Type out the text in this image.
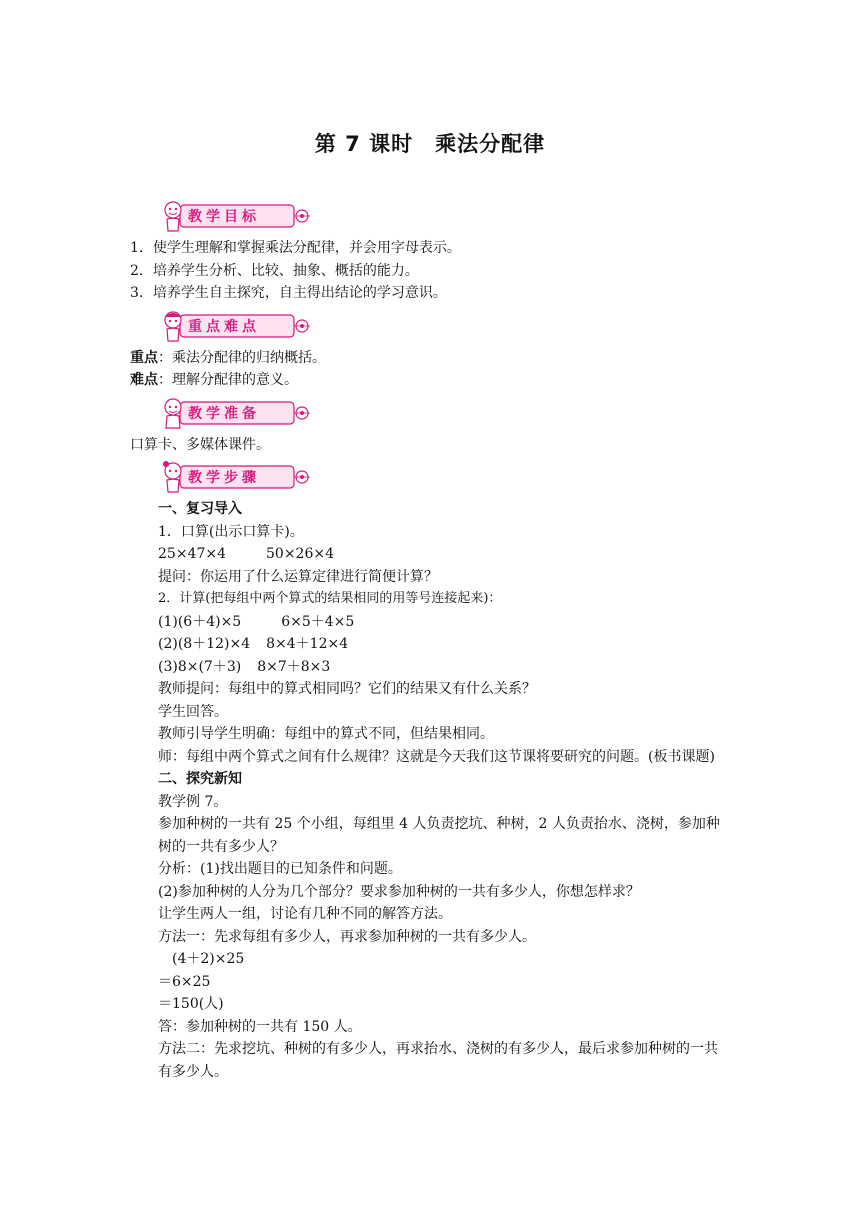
第 7 课时 乘法分配律
教学目标
1．使学生理解和掌握乘法分配律，并会用字母表示。
2．培养学生分析、比较、抽象、概括的能力。
3．培养学生自主探究，自主得出结论的学习意识。
重点难点
重点：乘法分配律的归纳概括。
难点：理解分配律的意义。
教学准备
口算卡、多媒体课件。
教学步骤
一、复习导入
1．口算(出示口算卡)。
25×47×4	50×26×4
提问：你运用了什么运算定律进行简便计算？
2．计算(把每组中两个算式的结果相同的用等号连接起来)：
(1)(6＋4)×5	6×5＋4×5
(2)(8＋12)×4 8×4＋12×4
(3)8×(7＋3) 8×7＋8×3
教师提问：每组中的算式相同吗？它们的结果又有什么关系？
学生回答。
教师引导学生明确：每组中的算式不同，但结果相同。
师：每组中两个算式之间有什么规律？这就是今天我们这节课将要研究的问题。(板书课题)
二、探究新知
教学例 7。
参加种树的一共有 25 个小组，每组里 4 人负责挖坑、种树，2 人负责抬水、浇树，参加种树的一共有多少人？
分析：(1)找出题目的已知条件和问题。
(2)参加种树的人分为几个部分？要求参加种树的一共有多少人，你想怎样求？
让学生两人一组，讨论有几种不同的解答方法。
方法一：先求每组有多少人，再求参加种树的一共有多少人。
(4＋2)×25
＝6×25
＝150(人)
答：参加种树的一共有 150 人。
方法二：先求挖坑、种树的有多少人，再求抬水、浇树的有多少人，最后求参加种树的一共有多少人。
